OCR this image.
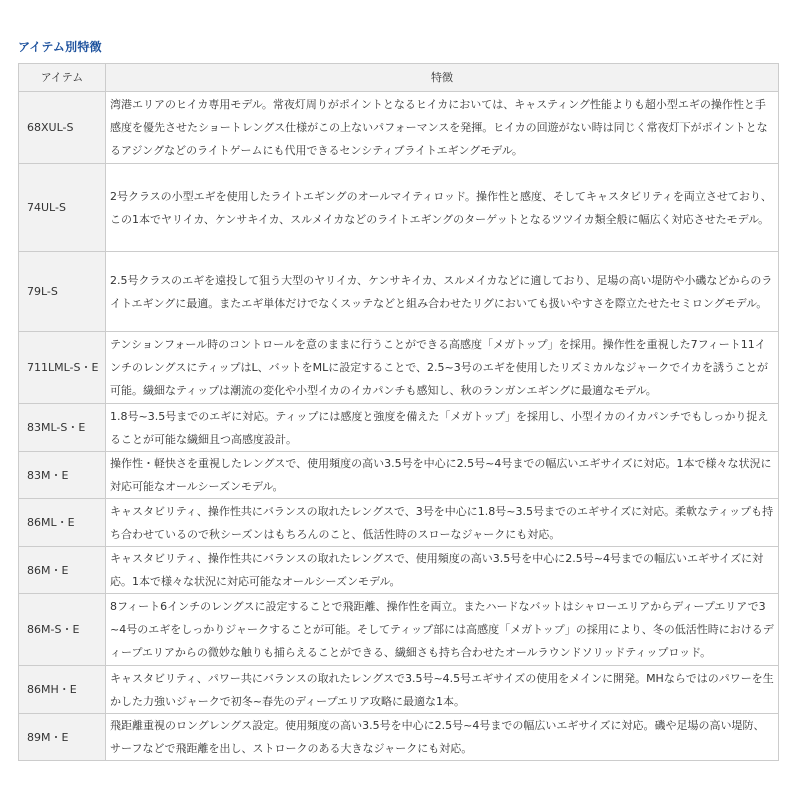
アイテム別特徴
アイテム	特徴
68XUL-S	湾港エリアのヒイカ専用モデル。常夜灯周りがポイントとなるヒイカにおいては、キャスティング性能よりも超小型エギの操作性と手感度を優先させたショートレングス仕様がこの上ないパフォーマンスを発揮。ヒイカの回遊がない時は同じく常夜灯下がポイントとなるアジングなどのライトゲームにも代用できるセンシティブライトエギングモデル。

74UL-S	2号クラスの小型エギを使用したライトエギングのオールマイティロッド。操作性と感度、そしてキャスタビリティを両立させており、この1本でヤリイカ、ケンサキイカ、スルメイカなどのライトエギングのターゲットとなるツツイカ類全般に幅広く対応させたモデル。

79L-S	2.5号クラスのエギを遠投して狙う大型のヤリイカ、ケンサキイカ、スルメイカなどに適しており、足場の高い堤防や小磯などからのライトエギングに最適。またエギ単体だけでなくスッテなどと組み合わせたリグにおいても扱いやすさを際立たせたセミロングモデル。

711LML-S・E	テンションフォール時のコントロールを意のままに行うことができる高感度「メガトップ」を採用。操作性を重視した7フィート11インチのレングスにティップはL、バットをMLに設定することで、2.5~3号のエギを使用したリズミカルなジャークでイカを誘うことが可能。繊細なティップは潮流の変化や小型イカのイカパンチも感知し、秋のランガンエギングに最適なモデル。

83ML-S・E	1.8号~3.5号までのエギに対応。ティップには感度と強度を備えた「メガトップ」を採用し、小型イカのイカパンチでもしっかり捉えることが可能な繊細且つ高感度設計。

83M・E	操作性・軽快さを重視したレングスで、使用頻度の高い3.5号を中心に2.5号~4号までの幅広いエギサイズに対応。1本で様々な状況に対応可能なオールシーズンモデル。

86ML・E	キャスタビリティ、操作性共にバランスの取れたレングスで、3号を中心に1.8号~3.5号までのエギサイズに対応。柔軟なティップも持ち合わせているので秋シーズンはもちろんのこと、低活性時のスローなジャークにも対応。

86M・E	キャスタビリティ、操作性共にバランスの取れたレングスで、使用頻度の高い3.5号を中心に2.5号~4号までの幅広いエギサイズに対応。1本で様々な状況に対応可能なオールシーズンモデル。

86M-S・E	8フィート6インチのレングスに設定することで飛距離、操作性を両立。またハードなバットはシャローエリアからディープエリアで3~4号のエギをしっかりジャークすることが可能。そしてティップ部には高感度「メガトップ」の採用により、冬の低活性時におけるディープエリアからの微妙な触りも捕らえることができる、繊細さも持ち合わせたオールラウンドソリッドティップロッド。

86MH・E	キャスタビリティ、パワー共にバランスの取れたレングスで3.5号~4.5号エギサイズの使用をメインに開発。MHならではのパワーを生かした力強いジャークで初冬~春先のディープエリア攻略に最適な1本。

89M・E	飛距離重視のロングレングス設定。使用頻度の高い3.5号を中心に2.5号~4号までの幅広いエギサイズに対応。磯や足場の高い堤防、サーフなどで飛距離を出し、ストロークのある大きなジャークにも対応。
